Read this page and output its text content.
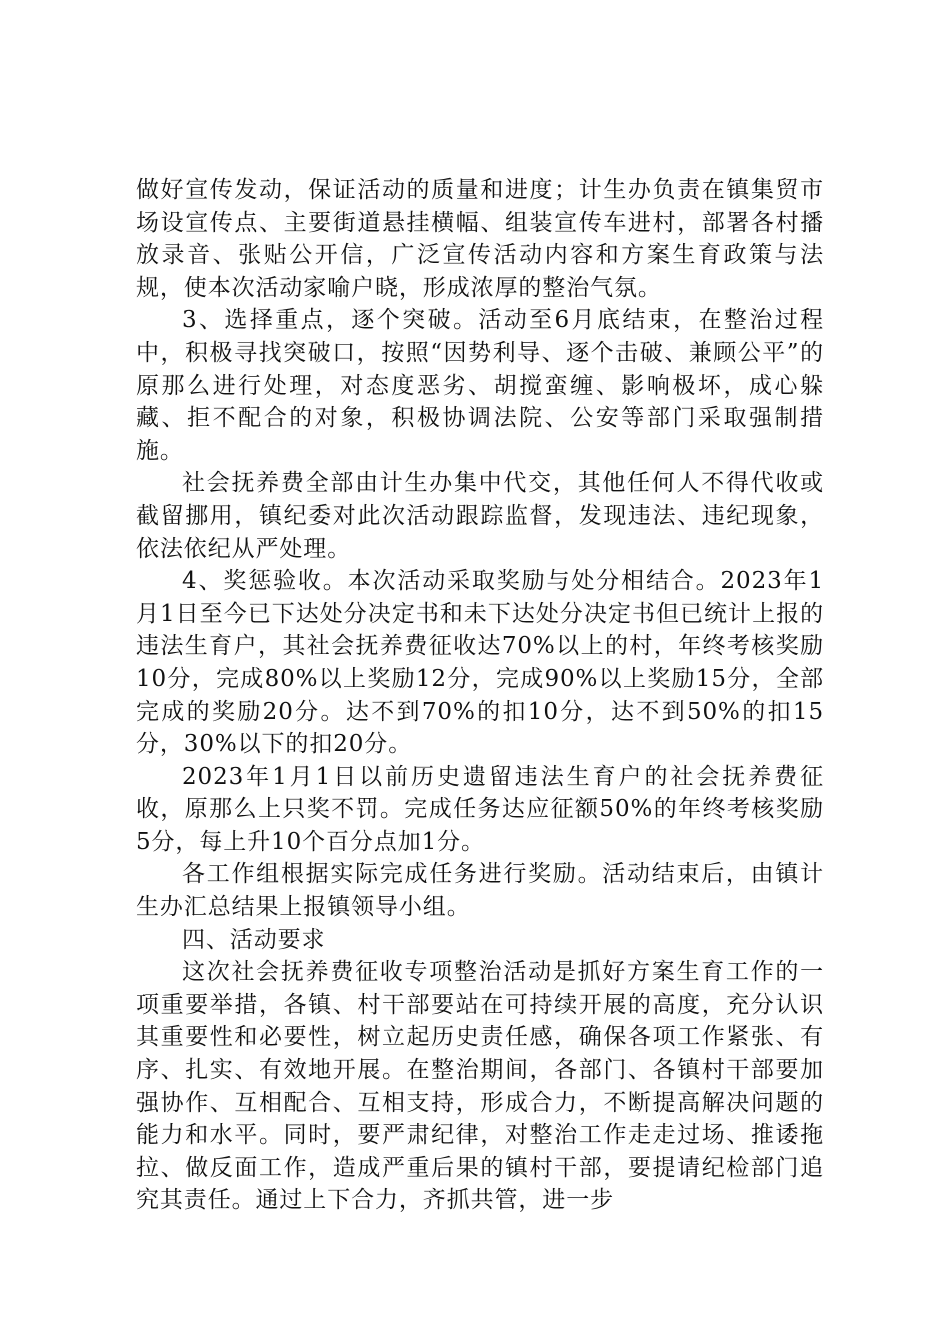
做好宣传发动，保证活动的质量和进度；计生办负责在镇集贸市场设宣传点、主要街道悬挂横幅、组装宣传车进村，部署各村播放录音、张贴公开信，广泛宣传活动内容和方案生育政策与法规，使本次活动家喻户晓，形成浓厚的整治气氛。

3、选择重点，逐个突破。活动至6月底结束，在整治过程中，积极寻找突破口，按照“因势利导、逐个击破、兼顾公平”的原那么进行处理，对态度恶劣、胡搅蛮缠、影响极坏，成心躲藏、拒不配合的对象，积极协调法院、公安等部门采取强制措施。

社会抚养费全部由计生办集中代交，其他任何人不得代收或截留挪用，镇纪委对此次活动跟踪监督，发现违法、违纪现象，依法依纪从严处理。

4、奖惩验收。本次活动采取奖励与处分相结合。2023年1月1日至今已下达处分决定书和未下达处分决定书但已统计上报的违法生育户，其社会抚养费征收达70%以上的村，年终考核奖励10分，完成80%以上奖励12分，完成90%以上奖励15分，全部完成的奖励20分。达不到70%的扣10分，达不到50%的扣15分，30%以下的扣20分。

2023年1月1日以前历史遗留违法生育户的社会抚养费征收，原那么上只奖不罚。完成任务达应征额50%的年终考核奖励5分，每上升10个百分点加1分。

各工作组根据实际完成任务进行奖励。活动结束后，由镇计生办汇总结果上报镇领导小组。

四、活动要求

这次社会抚养费征收专项整治活动是抓好方案生育工作的一项重要举措，各镇、村干部要站在可持续开展的高度，充分认识其重要性和必要性，树立起历史责任感，确保各项工作紧张、有序、扎实、有效地开展。在整治期间，各部门、各镇村干部要加强协作、互相配合、互相支持，形成合力，不断提高解决问题的能力和水平。同时，要严肃纪律，对整治工作走走过场、推诿拖拉、做反面工作，造成严重后果的镇村干部，要提请纪检部门追究其责任。通过上下合力，齐抓共管，进一步
